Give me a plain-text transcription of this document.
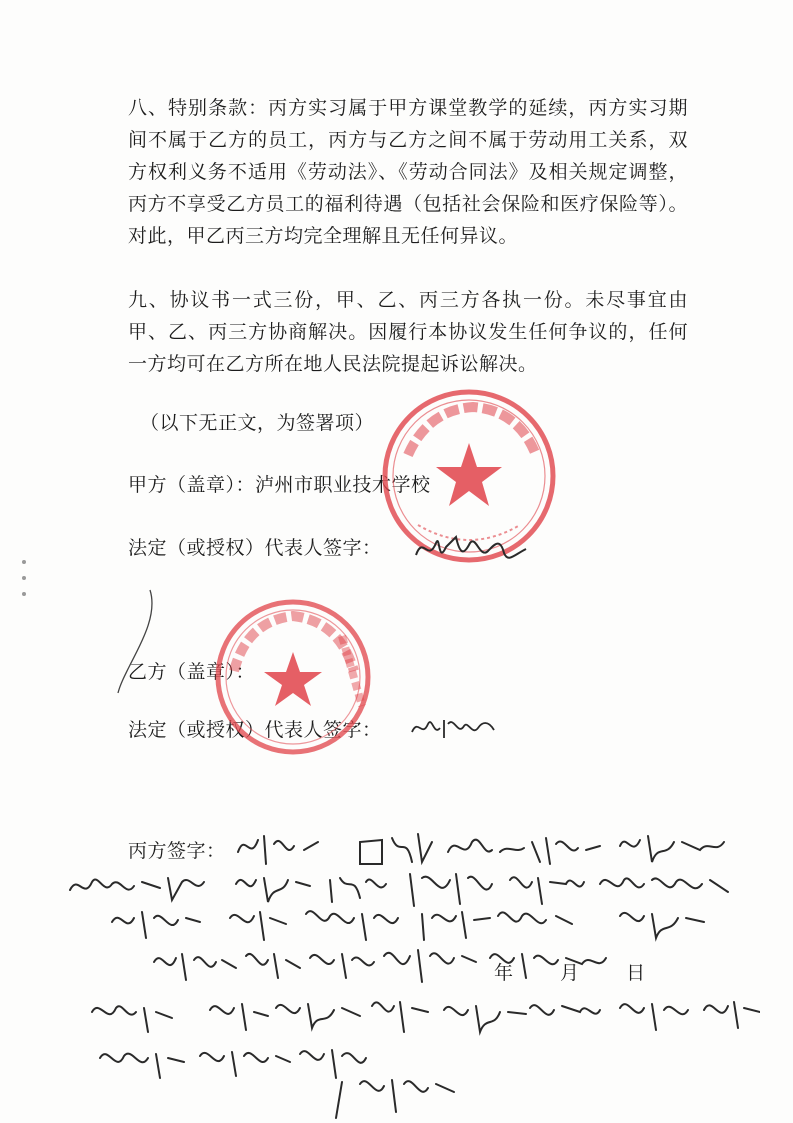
八、特别条款：丙方实习属于甲方课堂教学的延续，丙方实习期间不属于乙方的员工，丙方与乙方之间不属于劳动用工关系，双方权利义务不适用《劳动法》、《劳动合同法》及相关规定调整，丙方不享受乙方员工的福利待遇（包括社会保险和医疗保险等）。对此，甲乙丙三方均完全理解且无任何异议。
九、协议书一式三份，甲、乙、丙三方各执一份。未尽事宜由甲、乙、丙三方协商解决。因履行本协议发生任何争议的，任何一方均可在乙方所在地人民法院提起诉讼解决。
（以下无正文，为签署项）
甲方（盖章）：泸州市职业技术学校
法定（或授权）代表人签字：
乙方（盖章）：
法定（或授权）代表人签字：
丙方签字：
年 月 日
